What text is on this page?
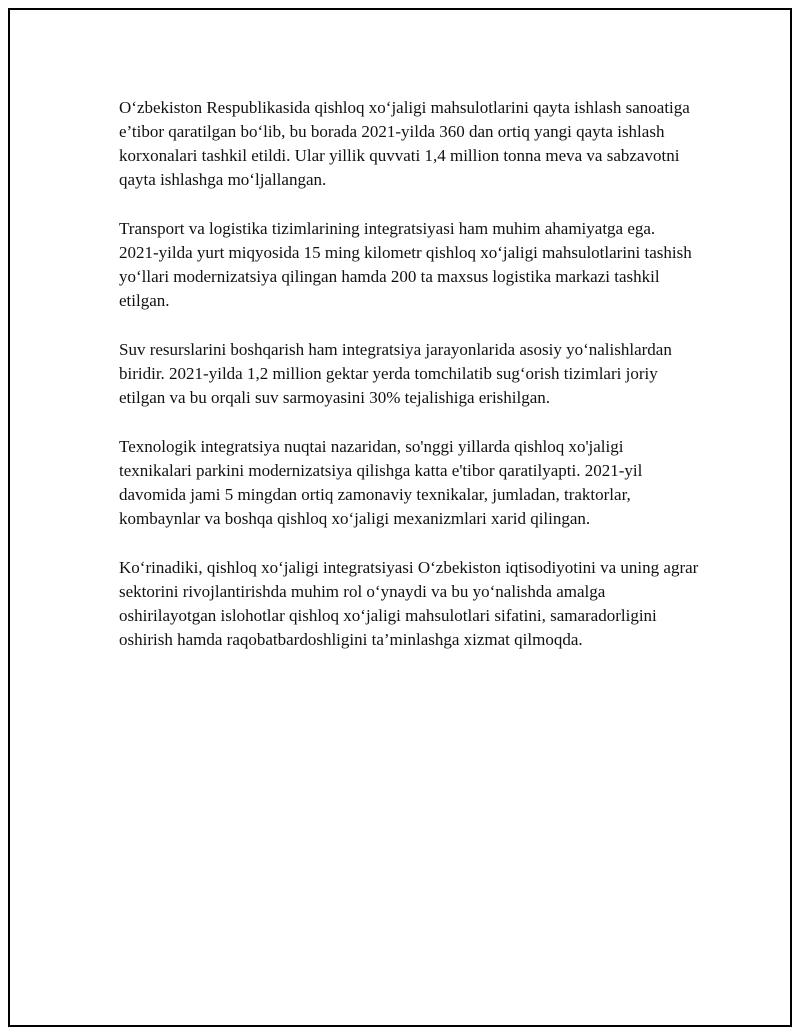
O‘zbekiston Respublikasida qishloq xo‘jaligi mahsulotlarini qayta ishlash sanoatiga e’tibor qaratilgan bo‘lib, bu borada 2021-yilda 360 dan ortiq yangi qayta ishlash korxonalari tashkil etildi. Ular yillik quvvati 1,4 million tonna meva va sabzavotni qayta ishlashga mo‘ljallangan.

Transport va logistika tizimlarining integratsiyasi ham muhim ahamiyatga ega. 2021-yilda yurt miqyosida 15 ming kilometr qishloq xo‘jaligi mahsulotlarini tashish yo‘llari modernizatsiya qilingan hamda 200 ta maxsus logistika markazi tashkil etilgan.

Suv resurslarini boshqarish ham integratsiya jarayonlarida asosiy yo‘nalishlardan biridir. 2021-yilda 1,2 million gektar yerda tomchilatib sug‘orish tizimlari joriy etilgan va bu orqali suv sarmoyasini 30% tejalishiga erishilgan.

Texnologik integratsiya nuqtai nazaridan, so'nggi yillarda qishloq xo'jaligi texnikalari parkini modernizatsiya qilishga katta e'tibor qaratilyapti. 2021-yil davomida jami 5 mingdan ortiq zamonaviy texnikalar, jumladan, traktorlar, kombaynlar va boshqa qishloq xo‘jaligi mexanizmlari xarid qilingan.

Ko‘rinadiki, qishloq xo‘jaligi integratsiyasi O‘zbekiston iqtisodiyotini va uning agrar sektorini rivojlantirishda muhim rol o‘ynaydi va bu yo‘nalishda amalga oshirilayotgan islohotlar qishloq xo‘jaligi mahsulotlari sifatini, samaradorligini oshirish hamda raqobatbardoshligini ta’minlashga xizmat qilmoqda.
